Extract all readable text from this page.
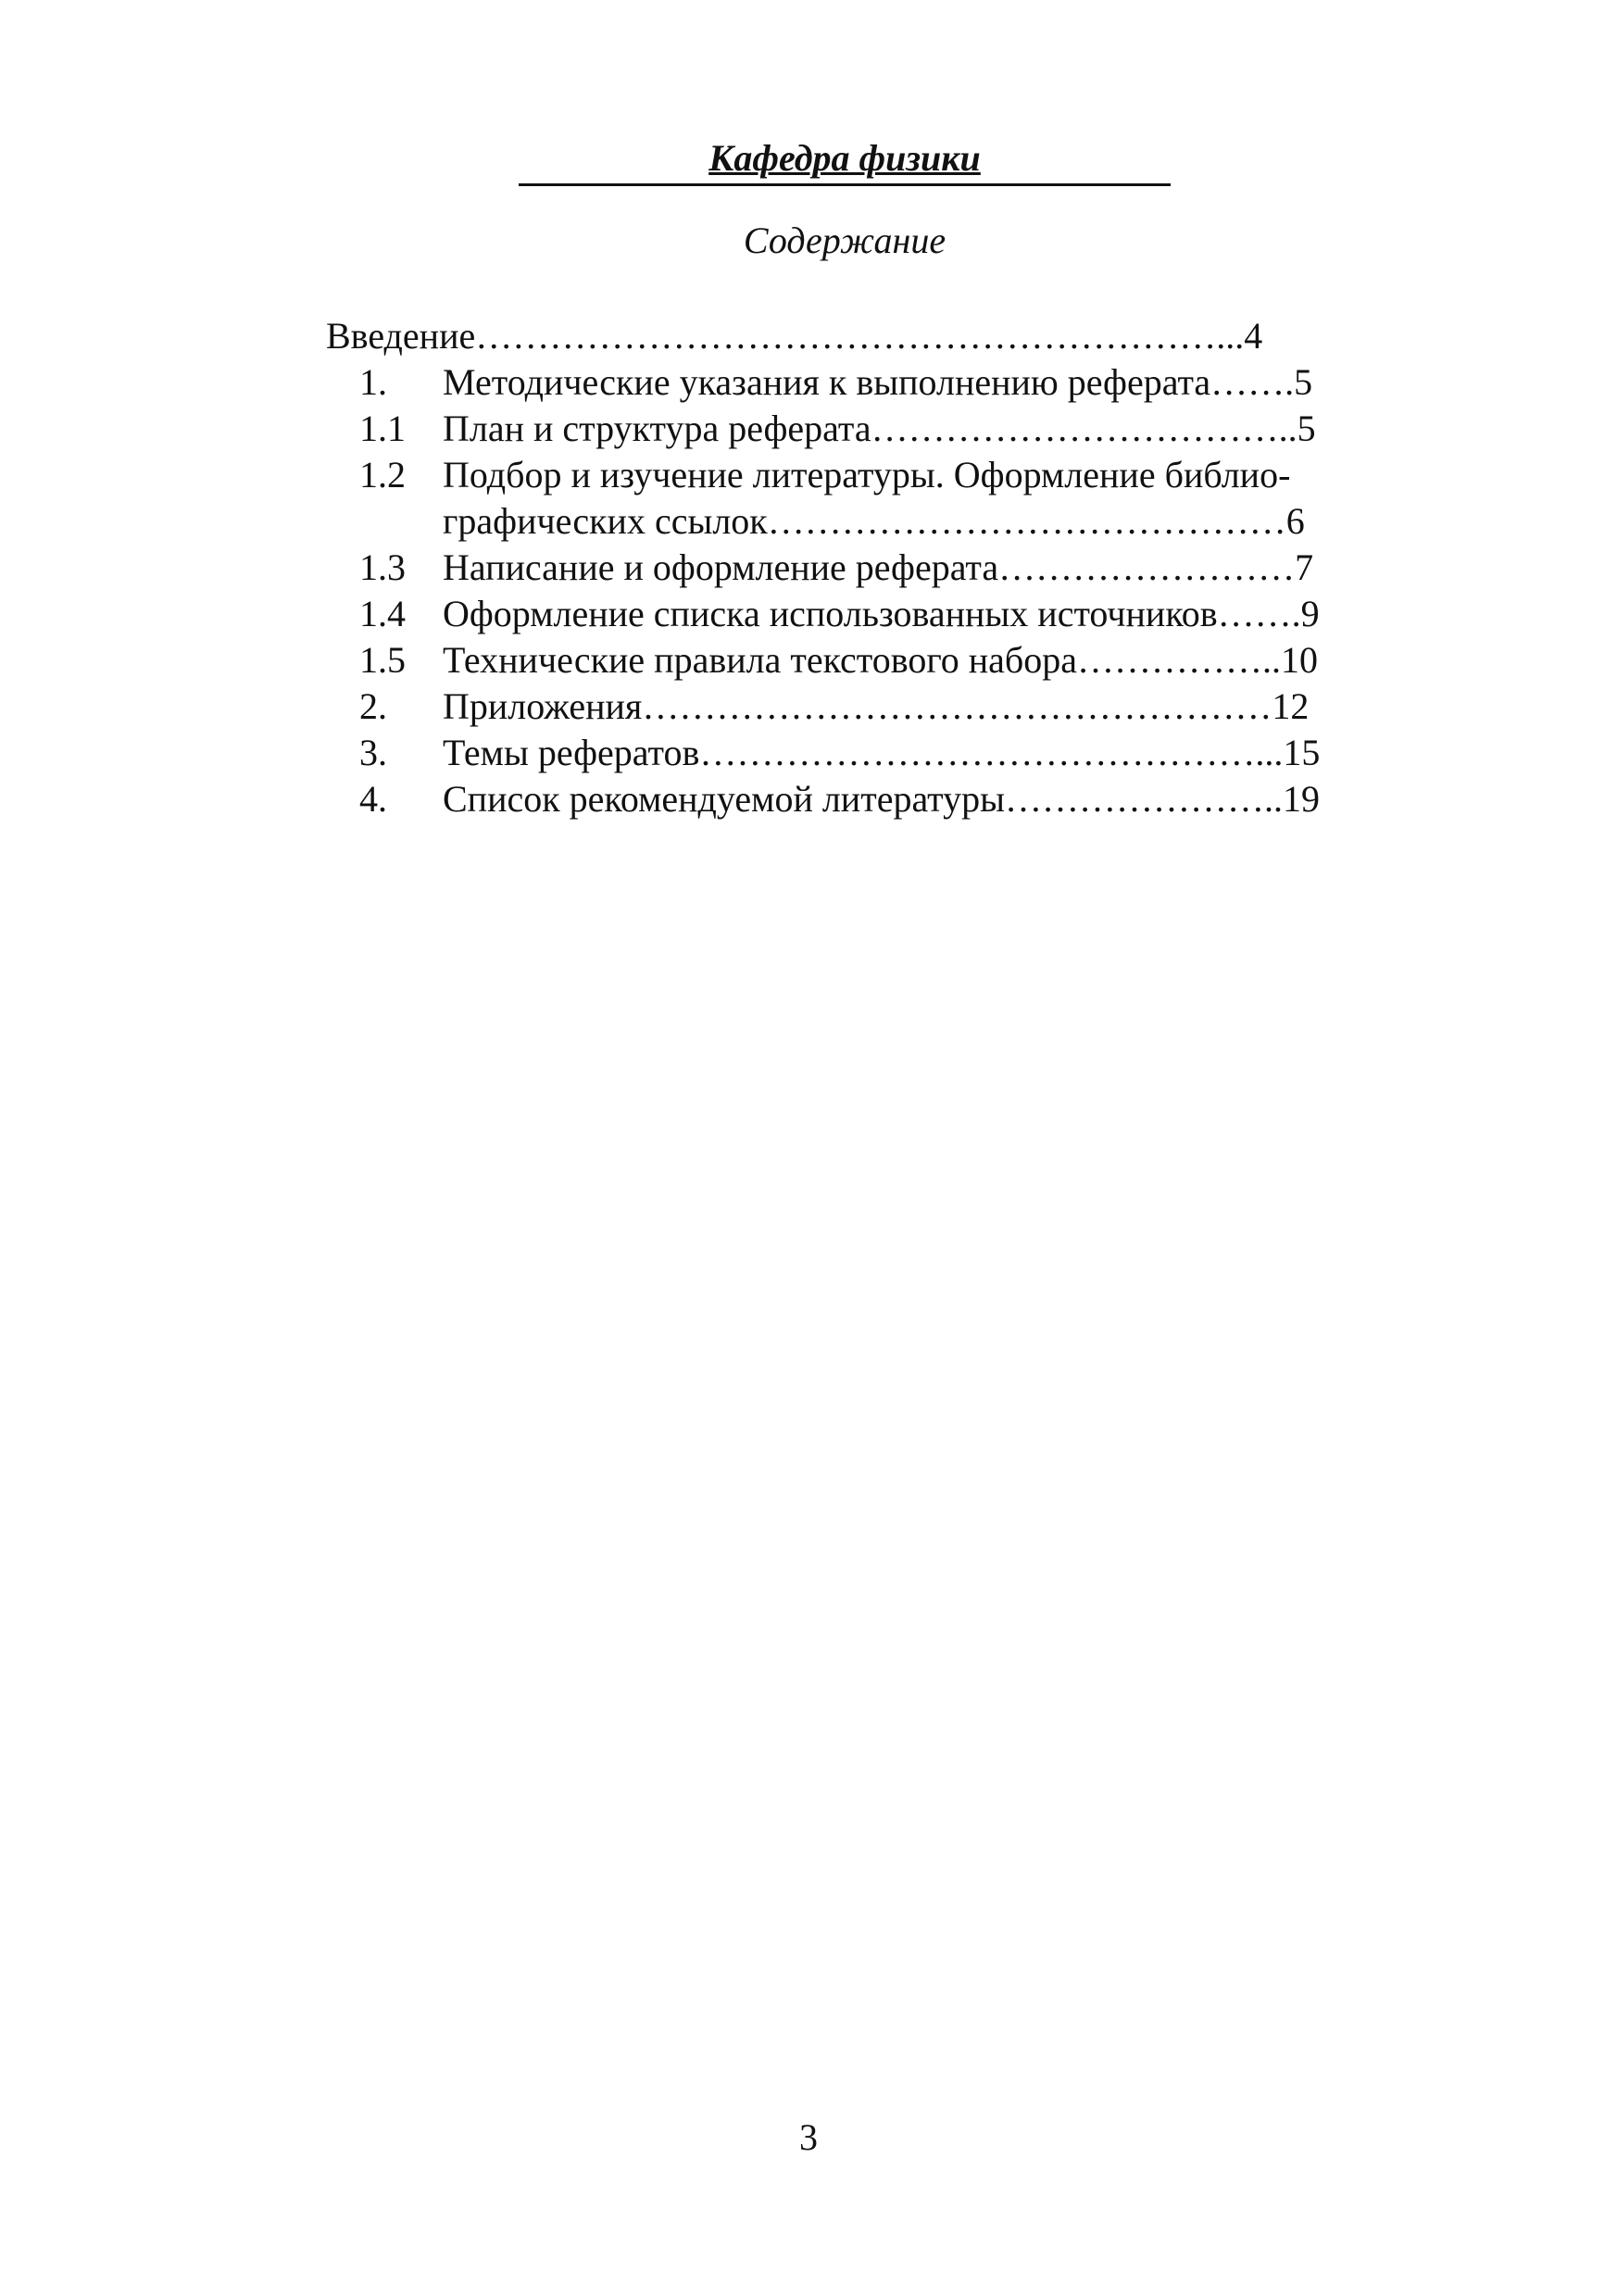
Кафедра физики
Содержание
Введение……………………………………………………...4
1.	Методические указания к выполнению реферата…….5
1.1	План и структура реферата……………………………..5
1.2	Подбор и изучение литературы. Оформление библио-
графических ссылок……………………………………6
1.3	Написание и оформление реферата……………………7
1.4	Оформление списка использованных источников…….9
1.5	Технические правила текстового набора……………..10
2.	Приложения……………………………………………12
3.	Темы рефератов………………………………………...15
4.	Список рекомендуемой литературы…………………..19
3
